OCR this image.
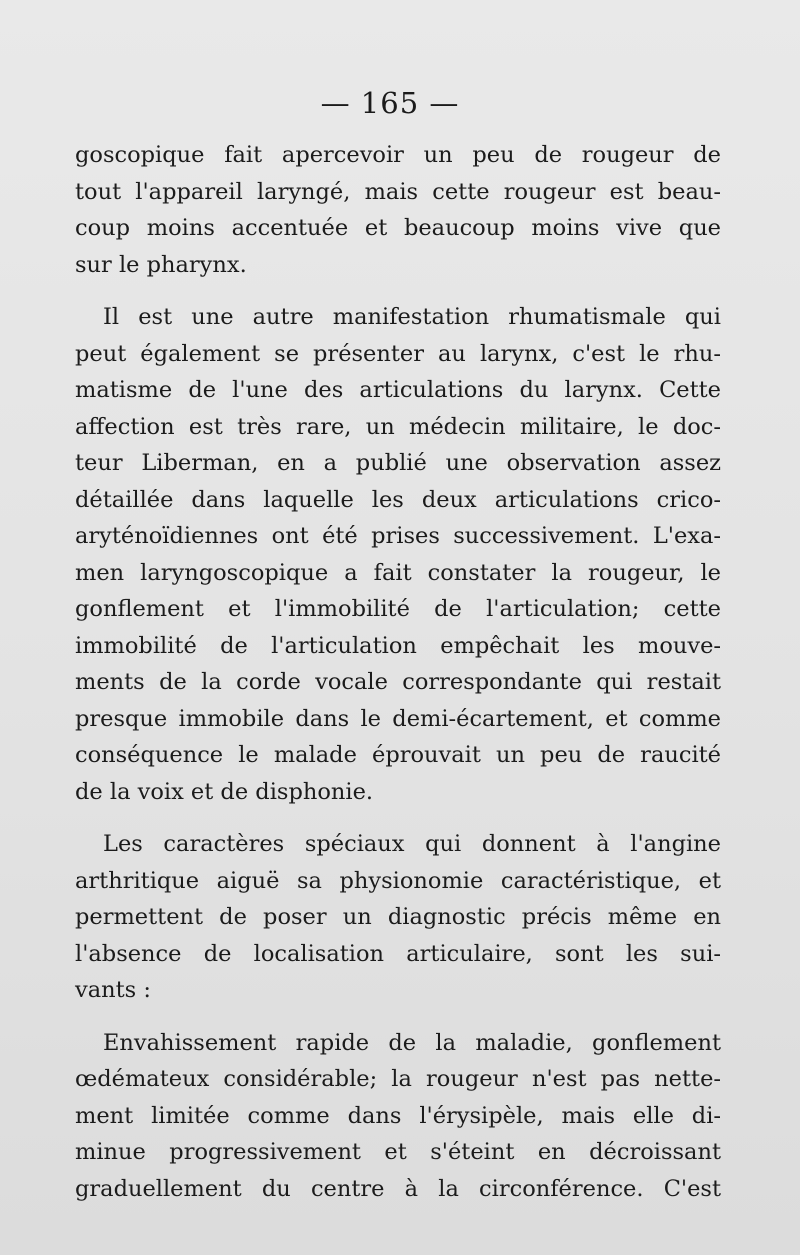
— 165 —

goscopique fait apercevoir un peu de rougeur de
tout l'appareil laryngé, mais cette rougeur est beau-
coup moins accentuée et beaucoup moins vive que
sur le pharynx.

Il est une autre manifestation rhumatismale qui
peut également se présenter au larynx, c'est le rhu-
matisme de l'une des articulations du larynx. Cette
affection est très rare, un médecin militaire, le doc-
teur Liberman, en a publié une observation assez
détaillée dans laquelle les deux articulations crico-
aryténoïdiennes ont été prises successivement. L'exa-
men laryngoscopique a fait constater la rougeur, le
gonflement et l'immobilité de l'articulation; cette
immobilité de l'articulation empêchait les mouve-
ments de la corde vocale correspondante qui restait
presque immobile dans le demi-écartement, et comme
conséquence le malade éprouvait un peu de raucité
de la voix et de disphonie.

Les caractères spéciaux qui donnent à l'angine
arthritique aiguë sa physionomie caractéristique, et
permettent de poser un diagnostic précis même en
l'absence de localisation articulaire, sont les sui-
vants :

Envahissement rapide de la maladie, gonflement
œdémateux considérable; la rougeur n'est pas nette-
ment limitée comme dans l'érysipèle, mais elle di-
minue progressivement et s'éteint en décroissant
graduellement du centre à la circonférence. C'est
